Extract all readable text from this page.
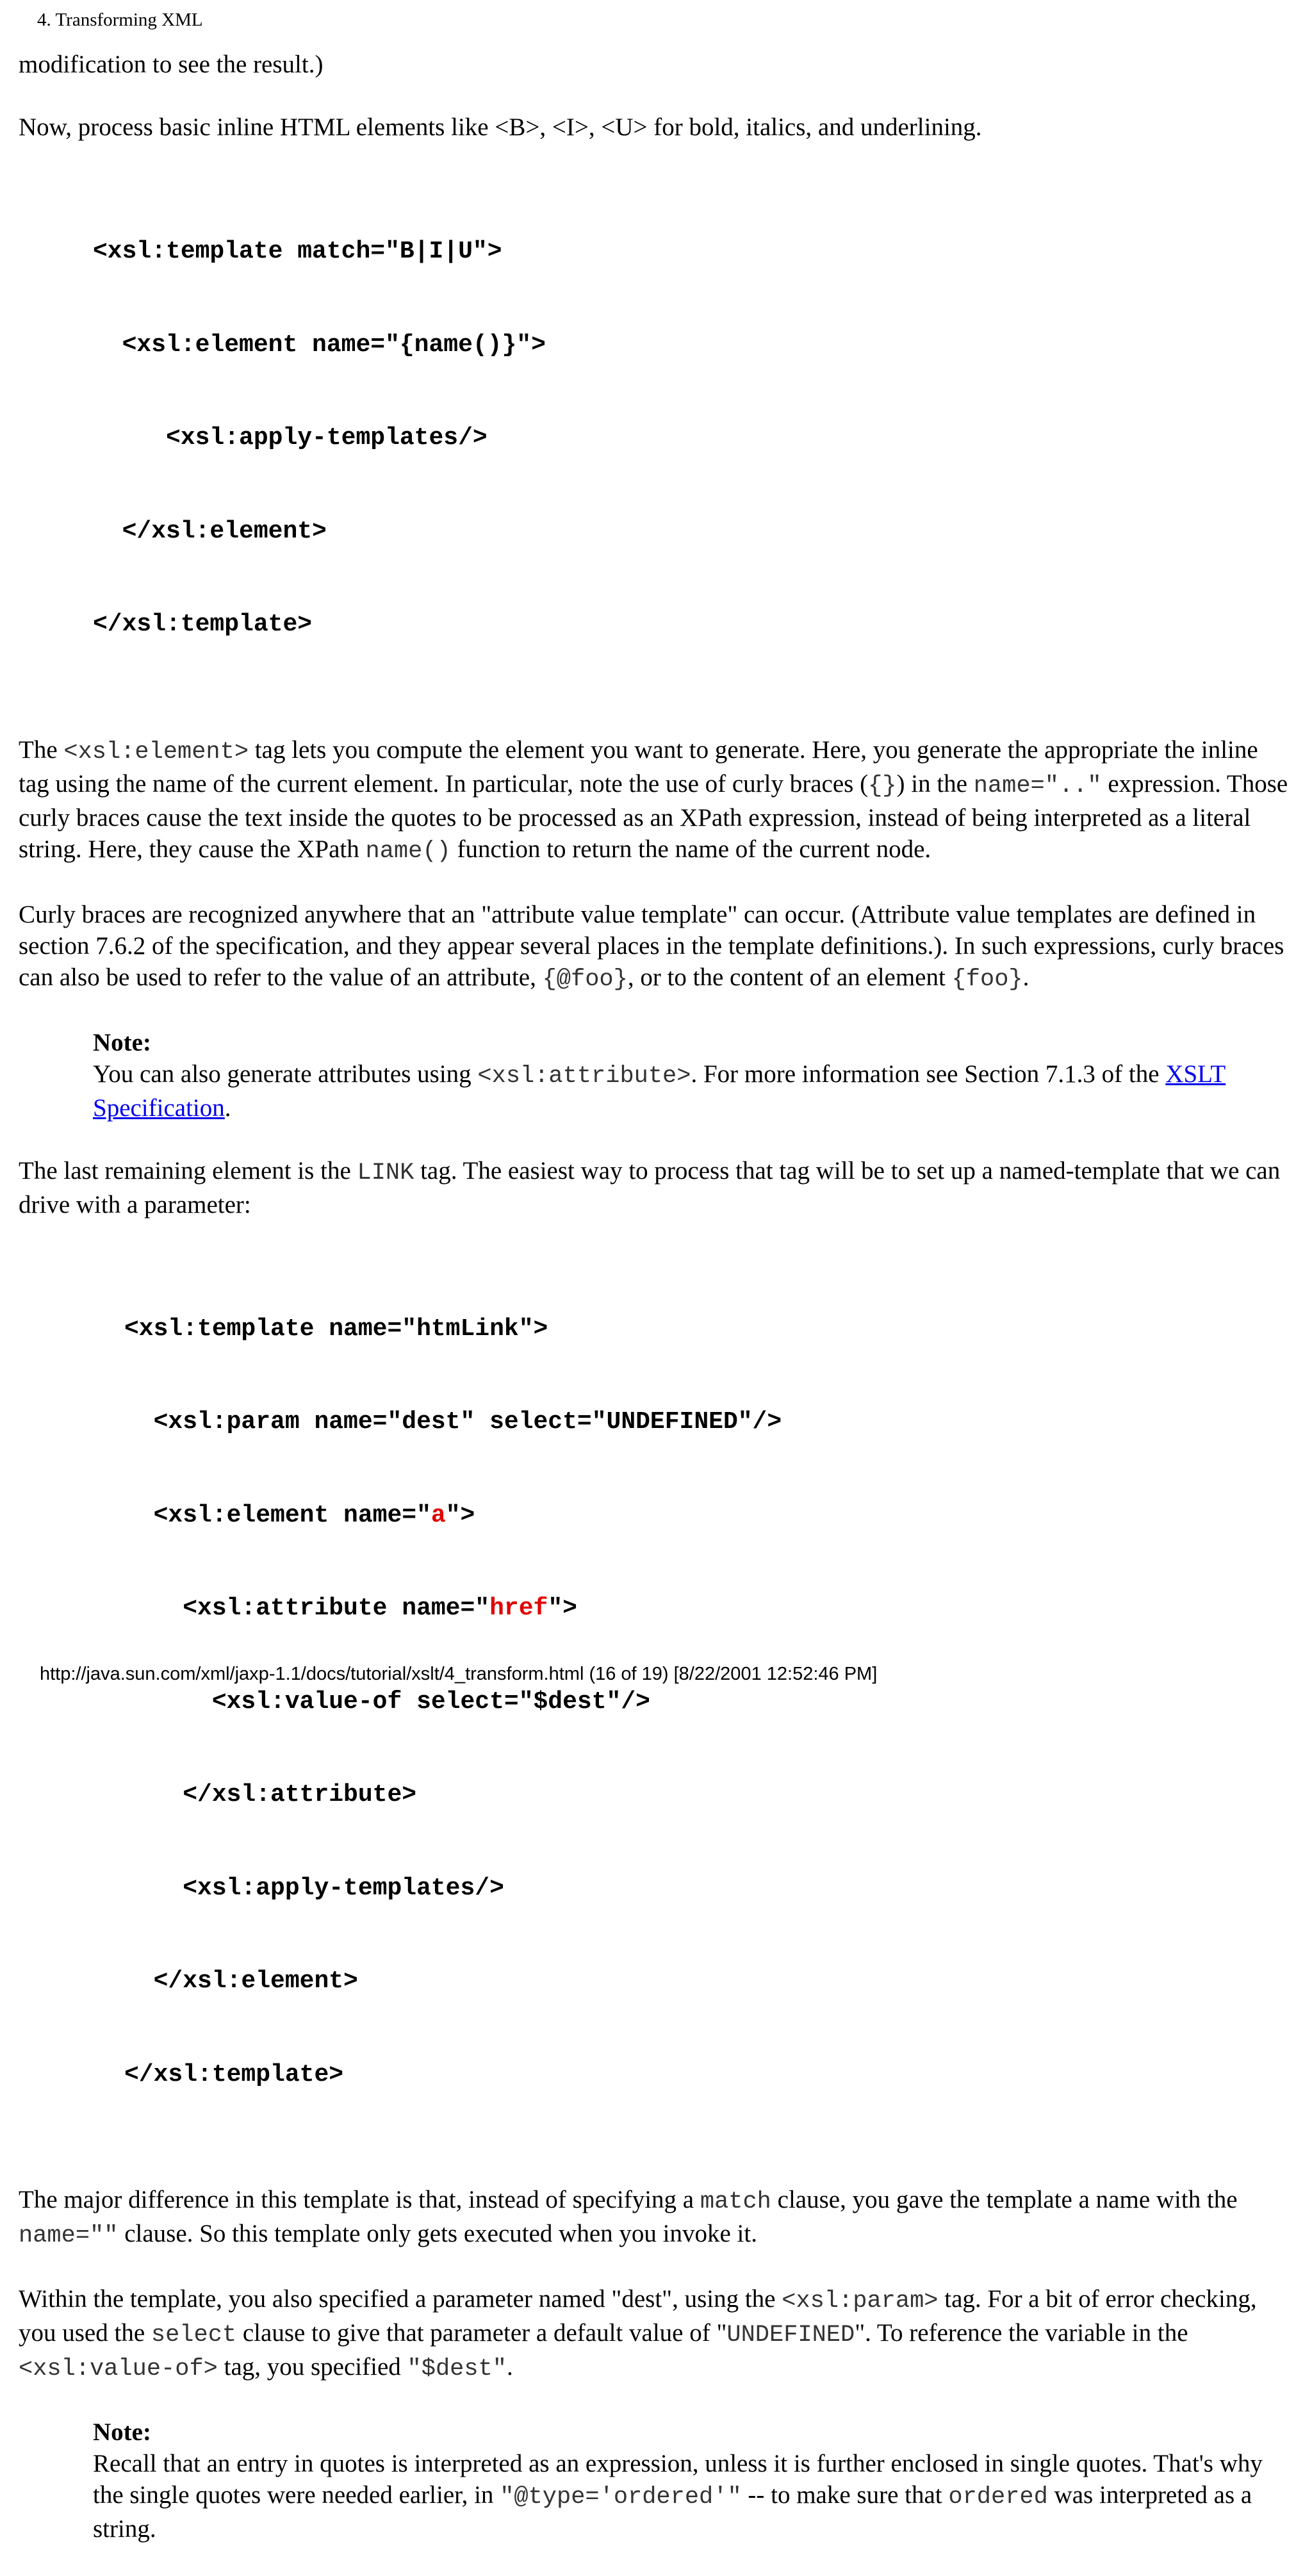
4. Transforming XML

modification to see the result.)

Now, process basic inline HTML elements like <B>, <I>, <U> for bold, italics, and underlining.

<xsl:template match="B|I|U">

<xsl:element name="{name()}">

<xsl:apply-templates/>

</xsl:element>

</xsl:template>

The <xsl:element> tag lets you compute the element you want to generate. Here, you generate the appropriate the inline tag using the name of the current element. In particular, note the use of curly braces ({}) in the name=".." expression. Those curly braces cause the text inside the quotes to be processed as an XPath expression, instead of being interpreted as a literal string. Here, they cause the XPath name() function to return the name of the current node.

Curly braces are recognized anywhere that an "attribute value template" can occur. (Attribute value templates are defined in section 7.6.2 of the specification, and they appear several places in the template definitions.). In such expressions, curly braces can also be used to refer to the value of an attribute, {@foo}, or to the content of an element {foo}.

Note:
You can also generate attributes using <xsl:attribute>. For more information see Section 7.1.3 of the XSLT Specification.

The last remaining element is the LINK tag. The easiest way to process that tag will be to set up a named-template that we can drive with a parameter:

<xsl:template name="htmLink">

<xsl:param name="dest" select="UNDEFINED"/>

<xsl:element name="a">

<xsl:attribute name="href">

<xsl:value-of select="$dest"/>

</xsl:attribute>

<xsl:apply-templates/>

</xsl:element>

</xsl:template>

The major difference in this template is that, instead of specifying a match clause, you gave the template a name with the name="" clause. So this template only gets executed when you invoke it.

Within the template, you also specified a parameter named "dest", using the <xsl:param> tag. For a bit of error checking, you used the select clause to give that parameter a default value of "UNDEFINED". To reference the variable in the <xsl:value-of> tag, you specified "$dest".

Note:
Recall that an entry in quotes is interpreted as an expression, unless it is further enclosed in single quotes. That's why the single quotes were needed earlier, in "@type='ordered'" -- to make sure that ordered was interpreted as a string.
http://java.sun.com/xml/jaxp-1.1/docs/tutorial/xslt/4_transform.html (16 of 19) [8/22/2001 12:52:46 PM]
